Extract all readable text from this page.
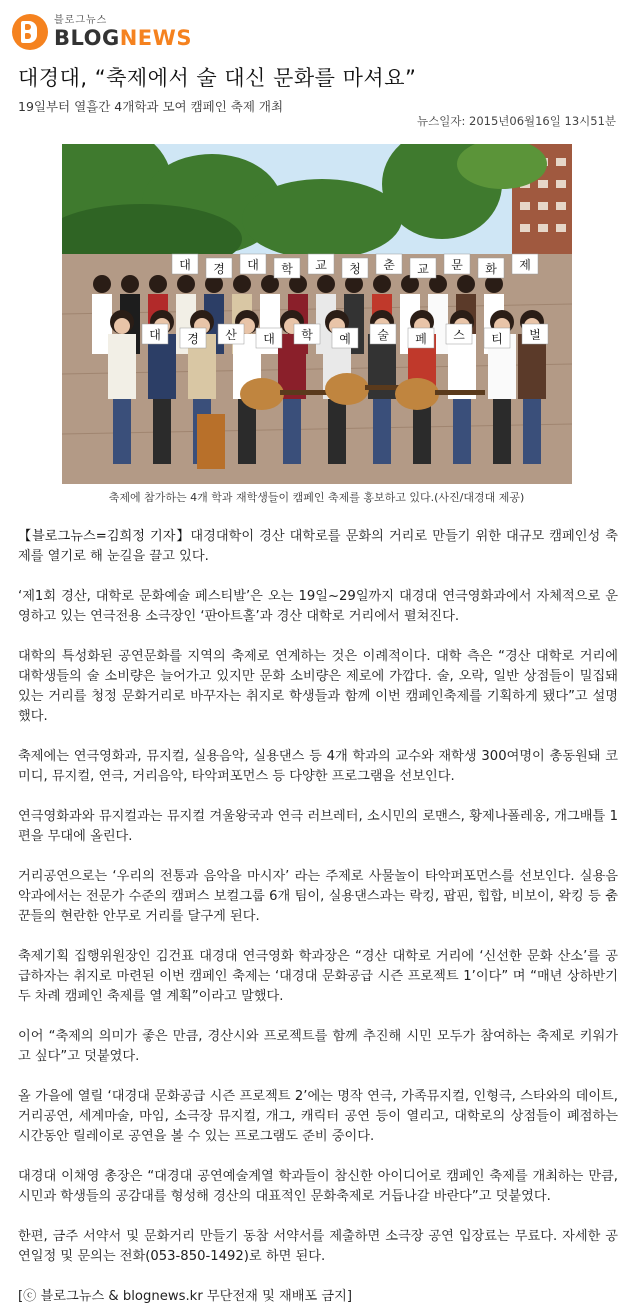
블로그뉴스
BLOGNEWS
대경대, “축제에서 술 대신 문화를 마셔요”
19일부터 열흘간 4개학과 모여 캠페인 축제 개최
뉴스일자: 2015년06월16일 13시51분
대 경 대 학 교 청 춘 교 문 화 제
대 경 산 대 학 예 술 페 스 티 벌
축제에 참가하는 4개 학과 재학생들이 캠페인 축제를 홍보하고 있다.(사진/대경대 제공)

【블로그뉴스=김희정 기자】대경대학이 경산 대학로를 문화의 거리로 만들기 위한 대규모 캠페인성 축제를 열기로 해 눈길을 끌고 있다.

‘제1회 경산, 대학로 문화예술 페스티발’은 오는 19일~29일까지 대경대 연극영화과에서 자체적으로 운영하고 있는 연극전용 소극장인 ‘판아트홀’과 경산 대학로 거리에서 펼쳐진다.

대학의 특성화된 공연문화를 지역의 축제로 연계하는 것은 이례적이다. 대학 측은 “경산 대학로 거리에 대학생들의 술 소비량은 늘어가고 있지만 문화 소비량은 제로에 가깝다. 술, 오락, 일반 상점들이 밀집돼 있는 거리를 청정 문화거리로 바꾸자는 취지로 학생들과 함께 이번 캠페인축제를 기획하게 됐다”고 설명했다.

축제에는 연극영화과, 뮤지컬, 실용음악, 실용댄스 등 4개 학과의 교수와 재학생 300여명이 총동원돼 코미디, 뮤지컬, 연극, 거리음악, 타악퍼포먼스 등 다양한 프로그램을 선보인다.

연극영화과와 뮤지컬과는 뮤지컬 겨울왕국과 연극 러브레터, 소시민의 로맨스, 황제나폴레옹, 개그배틀 1편을 무대에 올린다.

거리공연으로는 ‘우리의 전통과 음악을 마시자’ 라는 주제로 사물놀이 타악퍼포먼스를 선보인다. 실용음악과에서는 전문가 수준의 캠퍼스 보컬그룹 6개 팀이, 실용댄스과는 락킹, 팝핀, 힙합, 비보이, 왁킹 등 춤꾼들의 현란한 안무로 거리를 달구게 된다.

축제기획 집행위원장인 김건표 대경대 연극영화 학과장은 “경산 대학로 거리에 ‘신선한 문화 산소’를 공급하자는 취지로 마련된 이번 캠페인 축제는 ‘대경대 문화공급 시즌 프로젝트 1’이다” 며 “매년 상하반기 두 차례 캠페인 축제를 열 계획”이라고 말했다.

이어 “축제의 의미가 좋은 만큼, 경산시와 프로젝트를 함께 추진해 시민 모두가 참여하는 축제로 키워가고 싶다”고 덧붙였다.

올 가을에 열릴 ‘대경대 문화공급 시즌 프로젝트 2’에는 명작 연극, 가족뮤지컬, 인형극, 스타와의 데이트, 거리공연, 세계마술, 마임, 소극장 뮤지컬, 개그, 캐릭터 공연 등이 열리고, 대학로의 상점들이 폐점하는 시간동안 릴레이로 공연을 볼 수 있는 프로그램도 준비 중이다.

대경대 이채영 총장은 “대경대 공연예술계열 학과들이 참신한 아이디어로 캠페인 축제를 개최하는 만큼, 시민과 학생들의 공감대를 형성해 경산의 대표적인 문화축제로 거듭나갈 바란다”고 덧붙였다.

한편, 금주 서약서 및 문화거리 만들기 동참 서약서를 제출하면 소극장 공연 입장료는 무료다. 자세한 공연일정 및 문의는 전화(053-850-1492)로 하면 된다.

[ⓒ 블로그뉴스 & blognews.kr 무단전재 및 재배포 금지]
